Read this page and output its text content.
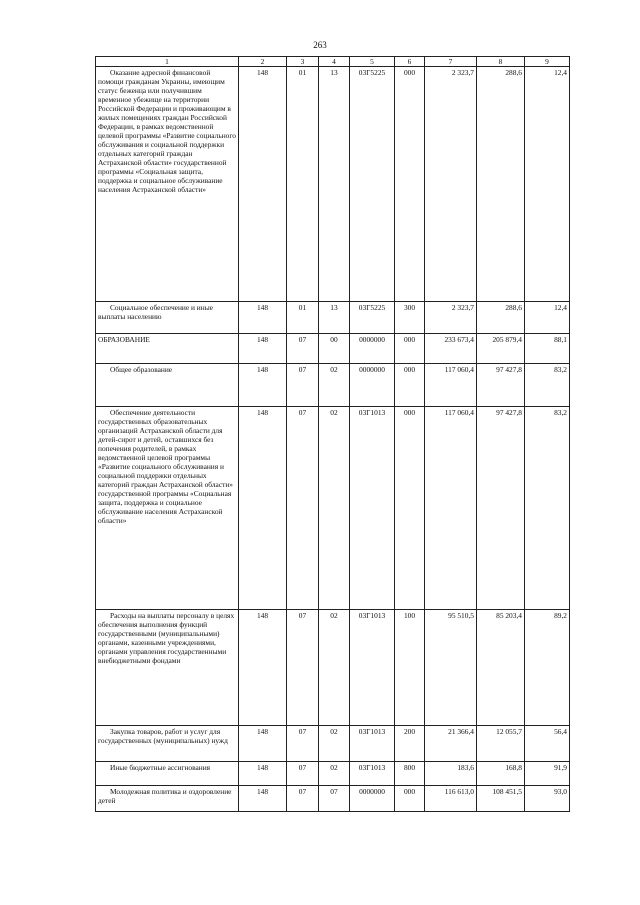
263
1	2	3	4	5	6	7	8	9

Оказание адресной финансовой помощи гражданам Украины, имеющим статус беженца или получившим временное убежище на территории Российской Федерации и проживающим в жилых помещениях граждан Российской Федерации, в рамках ведомственной целевой программы «Развитие социального обслуживания и социальной поддержки отдельных категорий граждан Астраханской области» государственной программы «Социальная защита, поддержка и социальное обслуживание населения Астраханской области»	148	01	13	03Г5225	000	2 323,7	288,6	12,4

Социальное обеспечение и иные выплаты населению	148	01	13	03Г5225	300	2 323,7	288,6	12,4
ОБРАЗОВАНИЕ	148	07	00	0000000	000	233 673,4	205 879,4	88,1

Общее образование	148	07	02	0000000	000	117 060,4	97 427,8	83,2

Обеспечение деятельности государственных образовательных организаций Астраханской области для детей-сирот и детей, оставшихся без попечения родителей, в рамках ведомственной целевой программы «Развитие социального обслуживания и социальной поддержки отдельных категорий граждан Астраханской области» государственной программы «Социальная защита, поддержка и социальное обслуживание населения Астраханской области»	148	07	02	03Г1013	000	117 060,4	97 427,8	83,2

Расходы на выплаты персоналу в целях обеспечения выполнения функций государственными (муниципальными) органами, казенными учреждениями, органами управления государственными внебюджетными фондами	148	07	02	03Г1013	100	95 510,5	85 203,4	89,2

Закупка товаров, работ и услуг для государственных (муниципальных) нужд	148	07	02	03Г1013	200	21 366,4	12 055,7	56,4

Иные бюджетные ассигнования	148	07	02	03Г1013	800	183,6	168,8	91,9

Молодежная политика и оздоровление детей	148	07	07	0000000	000	116 613,0	108 451,5	93,0
